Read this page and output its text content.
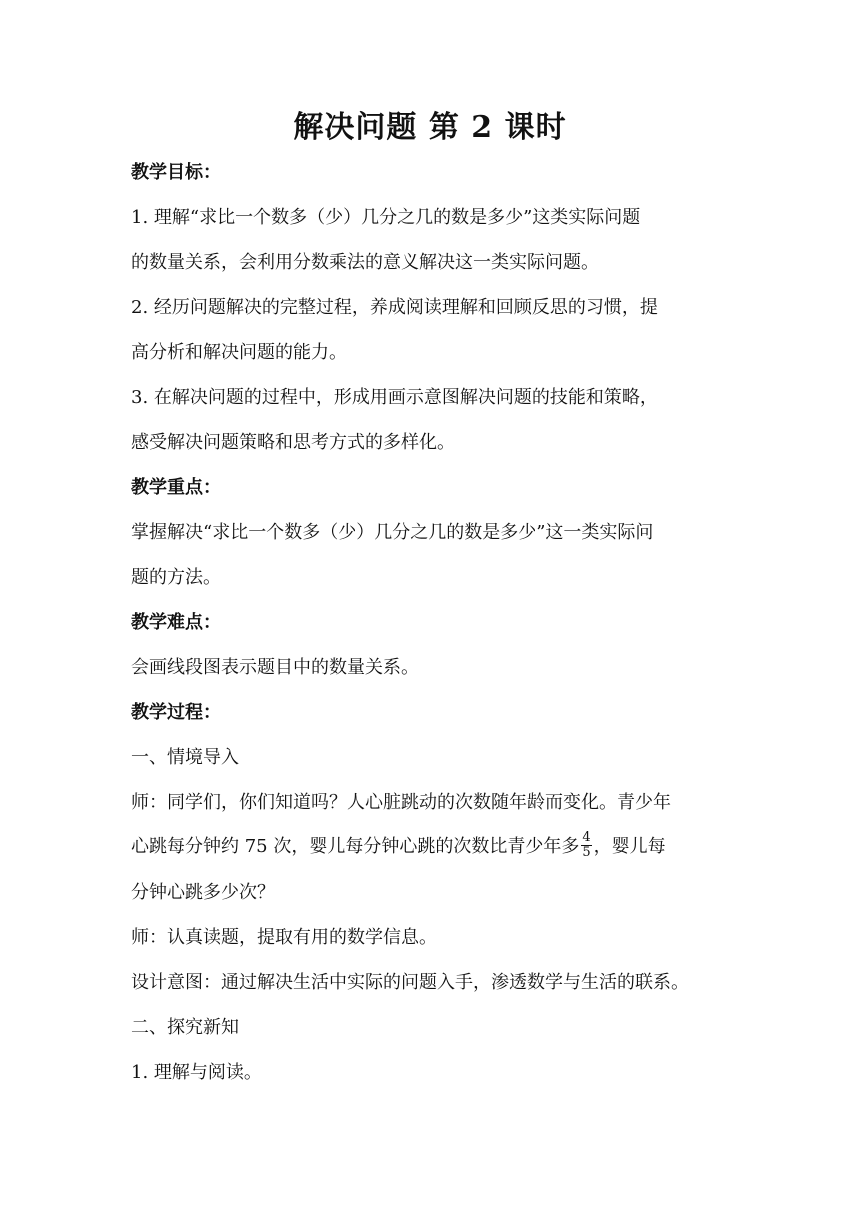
解决问题 第 2 课时
教学目标：
1. 理解“求比一个数多（少）几分之几的数是多少”这类实际问题
的数量关系，会利用分数乘法的意义解决这一类实际问题。
2. 经历问题解决的完整过程，养成阅读理解和回顾反思的习惯，提
高分析和解决问题的能力。
3. 在解决问题的过程中，形成用画示意图解决问题的技能和策略，
感受解决问题策略和思考方式的多样化。
教学重点：
掌握解决“求比一个数多（少）几分之几的数是多少”这一类实际问
题的方法。
教学难点：
会画线段图表示题目中的数量关系。
教学过程：
一、情境导入
师：同学们，你们知道吗？人心脏跳动的次数随年龄而变化。青少年
心跳每分钟约 75 次，婴儿每分钟心跳的次数比青少年多 $\frac{4}{5}$ ，婴儿每
分钟心跳多少次？
师：认真读题，提取有用的数学信息。
设计意图：通过解决生活中实际的问题入手，渗透数学与生活的联系。
二、探究新知
1. 理解与阅读。
